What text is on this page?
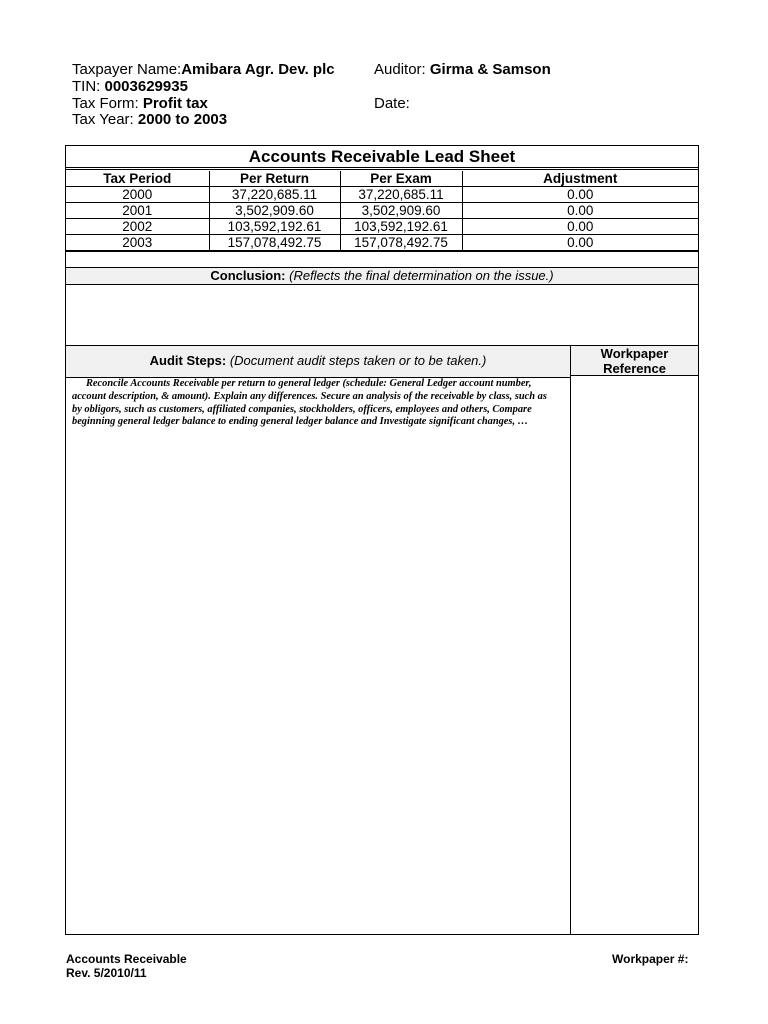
Taxpayer Name:Amibara Agr. Dev. plc
TIN: 0003629935
Tax Form: Profit tax
Tax Year: 2000 to 2003
Auditor: Girma & Samson
Date:
Accounts Receivable Lead Sheet
Tax Period	Per Return	Per Exam	Adjustment
2000	37,220,685.11	37,220,685.11	0.00
2001	3,502,909.60	3,502,909.60	0.00
2002	103,592,192.61	103,592,192.61	0.00
2003	157,078,492.75	157,078,492.75	0.00
Conclusion: (Reflects the final determination on the issue.)
Audit Steps: (Document audit steps taken or to be taken.)	Workpaper
Reference
Reconcile Accounts Receivable per return to general ledger (schedule: General Ledger account number, account description, & amount). Explain any differences. Secure an analysis of the receivable by class, such as by obligors, such as customers, affiliated companies, stockholders, officers, employees and others, Compare beginning general ledger balance to ending general ledger balance and Investigate significant changes, …
Accounts Receivable
Rev. 5/2010/11
Workpaper #:
